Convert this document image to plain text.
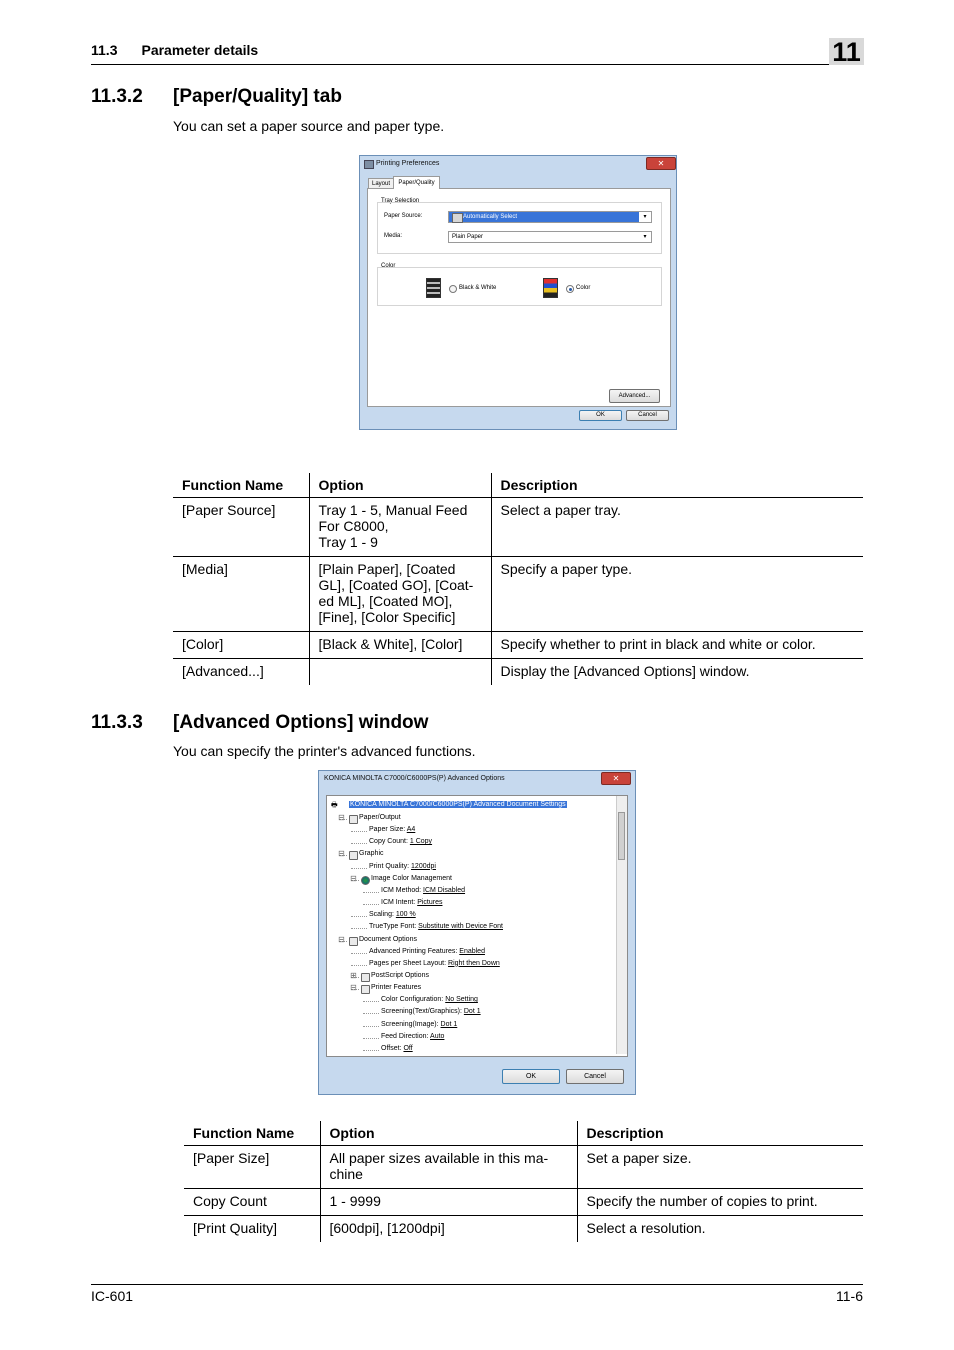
11.3 Parameter details	11
11.3.2 [Paper/Quality] tab
You can set a paper source and paper type.
Printing Preferences	✕
Layout	Paper/Quality
Tray Selection
Paper Source:	Automatically Select	▾
Media:	Plain Paper	▾
Color
Black & White	Color
Advanced...
OK	Cancel
Function Name	Option	Description
[Paper Source]	Tray 1 - 5, Manual Feed
For C8000,
Tray 1 - 9	Select a paper tray.
[Media]	[Plain Paper], [Coated
GL], [Coated GO], [Coat-
ed ML], [Coated MO],
[Fine], [Color Specific]	Specify a paper type.
[Color]	[Black & White], [Color]	Specify whether to print in black and white or color.
[Advanced...]		Display the [Advanced Options] window.
11.3.3 [Advanced Options] window
You can specify the printer's advanced functions.
KONICA MINOLTA C7000/C6000PS(P) Advanced Options	✕
🖶 KONICA MINOLTA C7000/C6000PS(P) Advanced Document Settings
Paper/Output
⊟
Paper Size: A4
Copy Count: 1 Copy
Graphic
⊟
Print Quality: 1200dpi
Image Color Management
⊟
ICM Method: ICM Disabled
ICM Intent: Pictures
Scaling: 100 %
TrueType Font: Substitute with Device Font
Document Options
⊟
Advanced Printing Features: Enabled
Pages per Sheet Layout: Right then Down
PostScript Options
⊞
Printer Features
⊟
Color Configuration: No Setting
Screening(Text/Graphics): Dot 1
Screening(Image): Dot 1
Feed Direction: Auto
Offset: Off
OK	Cancel
Function Name	Option	Description
[Paper Size]	All paper sizes available in this ma-
chine	Set a paper size.
Copy Count	1 - 9999	Specify the number of copies to print.
[Print Quality]	[600dpi], [1200dpi]	Select a resolution.
IC-601	11-6
